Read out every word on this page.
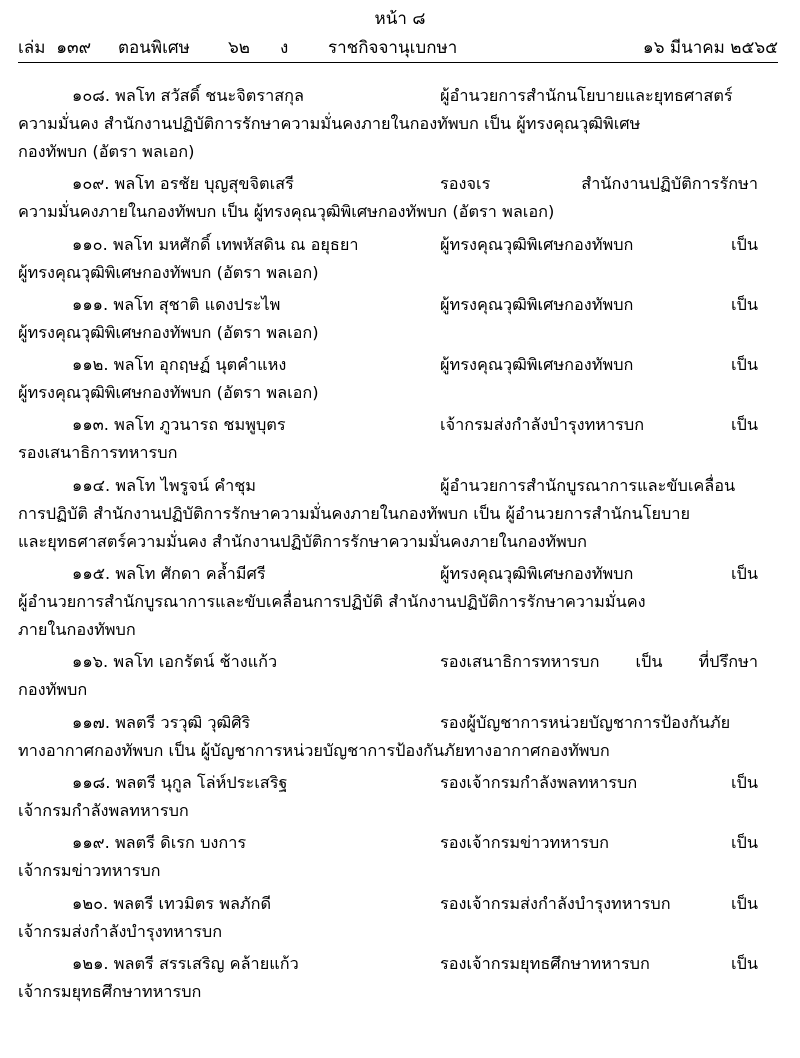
หน้า ๘
เล่ม ๑๓๙ ตอนพิเศษ ๖๒ ง ราชกิจจานุเบกษา	๑๖ มีนาคม ๒๕๖๕
๑๐๘. พลโท สวัสดิ์ ชนะจิตราสกุล	ผู้อำนวยการสำนักนโยบายและยุทธศาสตร์
ความมั่นคง สำนักงานปฏิบัติการรักษาความมั่นคงภายในกองทัพบก เป็น ผู้ทรงคุณวุฒิพิเศษ
กองทัพบก (อัตรา พลเอก)
๑๐๙. พลโท อรชัย บุญสุขจิตเสรี	รองจเร สำนักงานปฏิบัติการรักษา
ความมั่นคงภายในกองทัพบก เป็น ผู้ทรงคุณวุฒิพิเศษกองทัพบก (อัตรา พลเอก)
๑๑๐. พลโท มหศักดิ์ เทพหัสดิน ณ อยุธยา	ผู้ทรงคุณวุฒิพิเศษกองทัพบก เป็น
ผู้ทรงคุณวุฒิพิเศษกองทัพบก (อัตรา พลเอก)
๑๑๑. พลโท สุชาติ แดงประไพ	ผู้ทรงคุณวุฒิพิเศษกองทัพบก เป็น
ผู้ทรงคุณวุฒิพิเศษกองทัพบก (อัตรา พลเอก)
๑๑๒. พลโท อุกฤษฏ์ นุตคำแหง	ผู้ทรงคุณวุฒิพิเศษกองทัพบก เป็น
ผู้ทรงคุณวุฒิพิเศษกองทัพบก (อัตรา พลเอก)
๑๑๓. พลโท ภูวนารถ ชมพูบุตร	เจ้ากรมส่งกำลังบำรุงทหารบก เป็น
รองเสนาธิการทหารบก
๑๑๔. พลโท ไพรูจน์ คำชุม	ผู้อำนวยการสำนักบูรณาการและขับเคลื่อน
การปฏิบัติ สำนักงานปฏิบัติการรักษาความมั่นคงภายในกองทัพบก เป็น ผู้อำนวยการสำนักนโยบาย
และยุทธศาสตร์ความมั่นคง สำนักงานปฏิบัติการรักษาความมั่นคงภายในกองทัพบก
๑๑๕. พลโท ศักดา คล้ำมีศรี	ผู้ทรงคุณวุฒิพิเศษกองทัพบก เป็น
ผู้อำนวยการสำนักบูรณาการและขับเคลื่อนการปฏิบัติ สำนักงานปฏิบัติการรักษาความมั่นคง
ภายในกองทัพบก
๑๑๖. พลโท เอกรัตน์ ช้างแก้ว	รองเสนาธิการทหารบก เป็น ที่ปรึกษา
กองทัพบก
๑๑๗. พลตรี วรวุฒิ วุฒิศิริ	รองผู้บัญชาการหน่วยบัญชาการป้องกันภัย
ทางอากาศกองทัพบก เป็น ผู้บัญชาการหน่วยบัญชาการป้องกันภัยทางอากาศกองทัพบก
๑๑๘. พลตรี นุกูล โล่ห์ประเสริฐ	รองเจ้ากรมกำลังพลทหารบก เป็น
เจ้ากรมกำลังพลทหารบก
๑๑๙. พลตรี ดิเรก บงการ	รองเจ้ากรมข่าวทหารบก เป็น
เจ้ากรมข่าวทหารบก
๑๒๐. พลตรี เทวมิตร พลภักดี	รองเจ้ากรมส่งกำลังบำรุงทหารบก เป็น
เจ้ากรมส่งกำลังบำรุงทหารบก
๑๒๑. พลตรี สรรเสริญ คล้ายแก้ว	รองเจ้ากรมยุทธศึกษาทหารบก เป็น
เจ้ากรมยุทธศึกษาทหารบก
